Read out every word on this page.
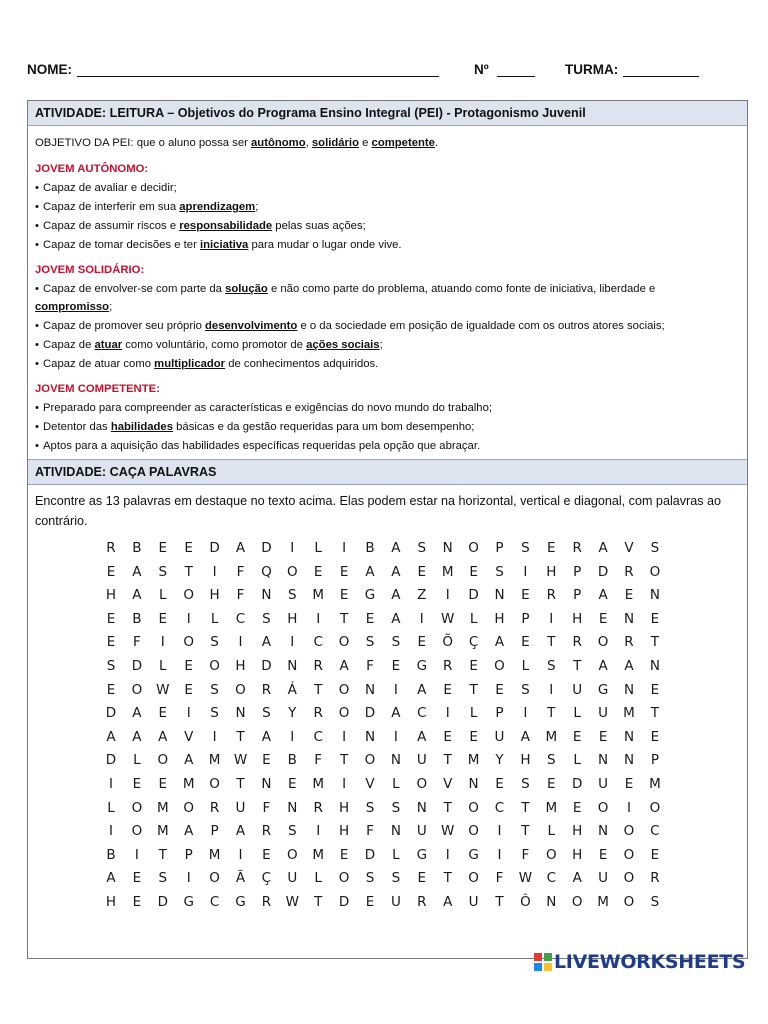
NOME:	Nº	TURMA:
ATIVIDADE: LEITURA – Objetivos do Programa Ensino Integral (PEI) - Protagonismo Juvenil
OBJETIVO DA PEI: que o aluno possa ser autônomo, solidário e competente.
JOVEM AUTÔNOMO:
• Capaz de avaliar e decidir;
• Capaz de interferir em sua aprendizagem;
• Capaz de assumir riscos e responsabilidade pelas suas ações;
• Capaz de tomar decisões e ter iniciativa para mudar o lugar onde vive.
JOVEM SOLIDÁRIO:
• Capaz de envolver-se com parte da solução e não como parte do problema, atuando como fonte de iniciativa, liberdade e
compromisso;
• Capaz de promover seu próprio desenvolvimento e o da sociedade em posição de igualdade com os outros atores sociais;
• Capaz de atuar como voluntário, como promotor de ações sociais;
• Capaz de atuar como multiplicador de conhecimentos adquiridos.
JOVEM COMPETENTE:
• Preparado para compreender as características e exigências do novo mundo do trabalho;
• Detentor das habilidades básicas e da gestão requeridas para um bom desempenho;
• Aptos para a aquisição das habilidades específicas requeridas pela opção que abraçar.
ATIVIDADE: CAÇA PALAVRAS
Encontre as 13 palavras em destaque no texto acima. Elas podem estar na horizontal, vertical e diagonal, com palavras ao contrário.
R	B	E	E	D	A	D	I	L	I	B	A	S	N	O	P	S	E	R	A	V	S
E	A	S	T	I	F	Q	O	E	E	A	A	E	M	E	S	I	H	P	D	R	O
H	A	L	O	H	F	N	S	M	E	G	A	Z	I	D	N	E	R	P	A	E	N
E	B	E	I	L	C	S	H	I	T	E	A	I	W	L	H	P	I	H	E	N	E
E	F	I	O	S	I	A	I	C	O	S	S	E	Õ	Ç	A	E	T	R	O	R	T
S	D	L	E	O	H	D	N	R	A	F	E	G	R	E	O	L	S	T	A	A	N
E	O	W	E	S	O	R	Á	T	O	N	I	A	E	T	E	S	I	U	G	N	E
D	A	E	I	S	N	S	Y	R	O	D	A	C	I	L	P	I	T	L	U	M	T
A	A	A	V	I	T	A	I	C	I	N	I	A	E	E	U	A	M	E	E	N	E
D	L	O	A	M W	E	B	F	T	O	N	U	T	M	Y	H	S	L	N	N	P
I	E	E	M	O	T	N	E	M	I	V	L	O	V	N	E	S	E	D	U	E	M
L	O	M	O	R	U	F	N	R	H	S	S	N	T	O	C	T	M	E	O	I	O
I	O	M	A	P	A	R	S	I	H	F	N	U	W	O	I	T	L	H	N	O	C
B	I	T	P	M	I	E	O	M	E	D	L	G	I	G	I	F	O	H	E	O	E
A	E	S	I	O	Ã	Ç	U	L	O	S	S	E	T	O	F	W	C	A	U	O	R
H	E	D	G	C	G	R	W	T	D	E	U	R	A	U	T	Ô	N	O	M	O	S
LIVEWORKSHEETS
